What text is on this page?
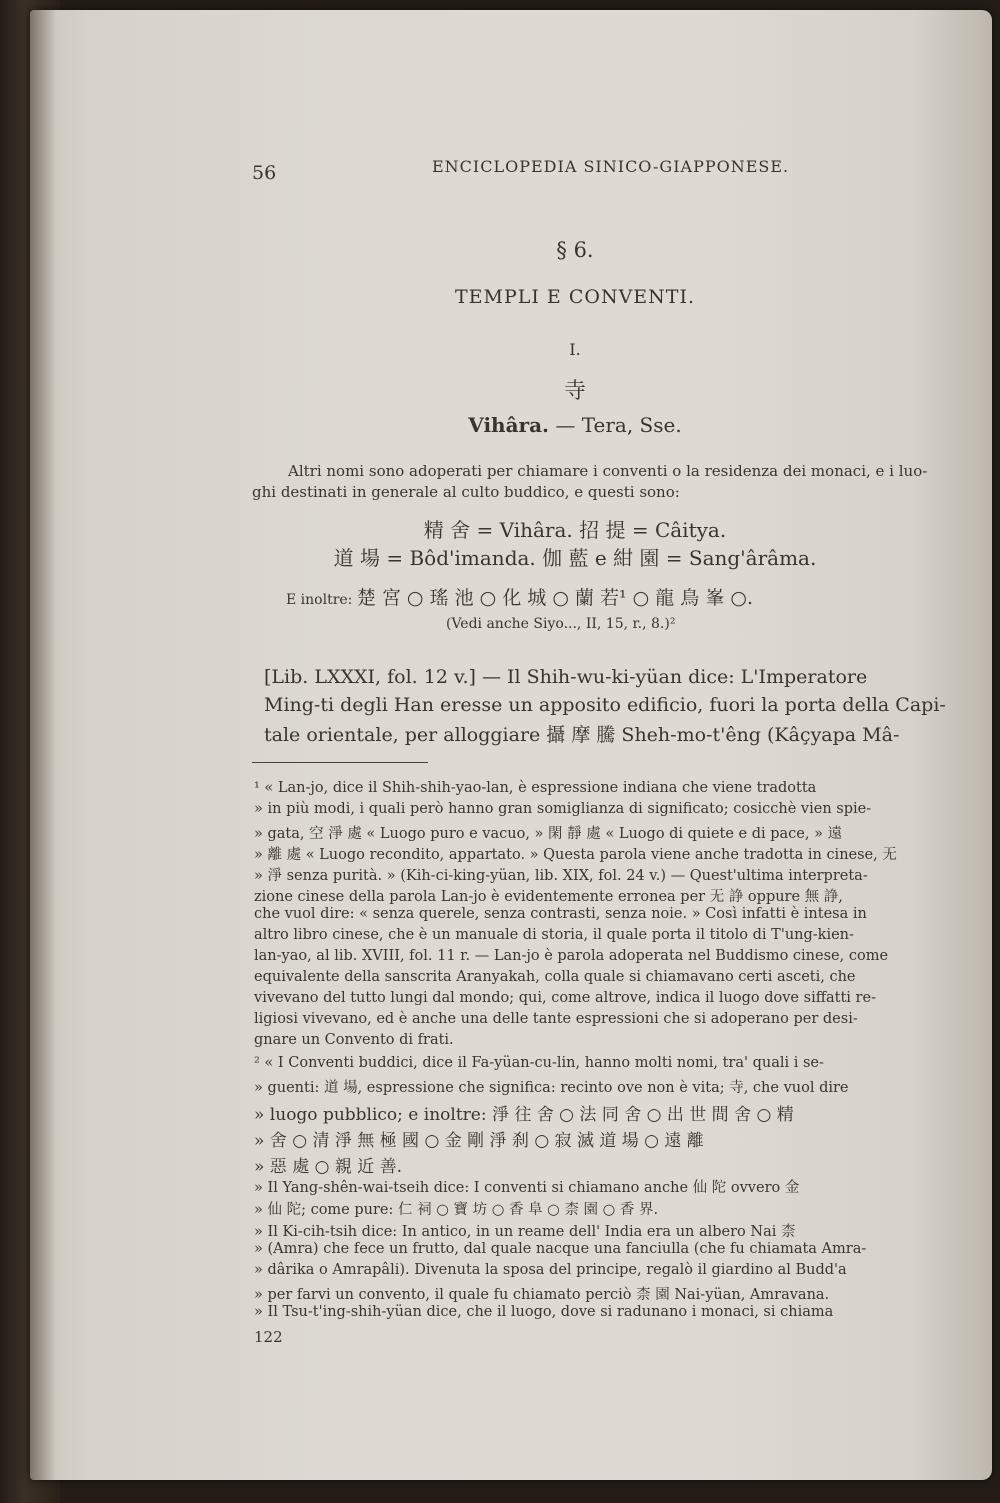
56	ENCICLOPEDIA SINICO-GIAPPONESE.
§ 6.
TEMPLI E CONVENTI.
I.
寺
Vihâra. — Tera, Sse.
Altri nomi sono adoperati per chiamare i conventi o la residenza dei monaci, e i luo-
ghi destinati in generale al culto buddico, e questi sono:
精 舍 = Vihâra. 招 提 = Câitya.
道 場 = Bôd'imanda. 伽 藍 e 紺 園 = Sang'ârâma.
E inoltre: 楚 宮 ○ 瑤 池 ○ 化 城 ○ 蘭 若¹ ○ 龍 鳥 峯 ○.
(Vedi anche Siyo..., II, 15, r., 8.)²
[Lib. LXXXI, fol. 12 v.] — Il Shih-wu-ki-yüan dice: L'Imperatore
Ming-ti degli Han eresse un apposito edificio, fuori la porta della Capi-
tale orientale, per alloggiare 攝 摩 騰 Sheh-mo-t'êng (Kâçyapa Mâ-
¹ « Lan-jo, dice il Shih-shih-yao-lan, è espressione indiana che viene tradotta
» in più modi, i quali però hanno gran somiglianza di significato; cosicchè vien spie-
» gata, 空 淨 處 « Luogo puro e vacuo, » 閑 靜 處 « Luogo di quiete e di pace, » 遠
» 離 處 « Luogo recondito, appartato. » Questa parola viene anche tradotta in cinese, 无
» 淨 senza purità. » (Kih-ci-king-yüan, lib. XIX, fol. 24 v.) — Quest'ultima interpreta-
zione cinese della parola Lan-jo è evidentemente erronea per 无 諍 oppure 無 諍,
che vuol dire: « senza querele, senza contrasti, senza noie. » Così infatti è intesa in
altro libro cinese, che è un manuale di storia, il quale porta il titolo di T'ung-kien-
lan-yao, al lib. XVIII, fol. 11 r. — Lan-jo è parola adoperata nel Buddismo cinese, come
equivalente della sanscrita Aranyakah, colla quale si chiamavano certi asceti, che
vivevano del tutto lungi dal mondo; qui, come altrove, indica il luogo dove siffatti re-
ligiosi vivevano, ed è anche una delle tante espressioni che si adoperano per desi-
gnare un Convento di frati.
² « I Conventi buddici, dice il Fa-yüan-cu-lin, hanno molti nomi, tra' quali i se-
» guenti: 道 場, espressione che significa: recinto ove non è vita; 寺, che vuol dire
» luogo pubblico; e inoltre: 淨 往 舍 ○ 法 同 舍 ○ 出 世 間 舍 ○ 精
» 舍 ○ 清 淨 無 極 國 ○ 金 剛 淨 刹 ○ 寂 滅 道 場 ○ 遠 離
» 惡 處 ○ 親 近 善.
» Il Yang-shên-wai-tseih dice: I conventi si chiamano anche 仙 陀 ovvero 金
» 仙 陀; come pure: 仁 祠 ○ 寶 坊 ○ 香 阜 ○ 柰 園 ○ 香 界.
» Il Ki-cih-tsih dice: In antico, in un reame dell' India era un albero Nai 柰
» (Amra) che fece un frutto, dal quale nacque una fanciulla (che fu chiamata Amra-
» dârika o Amrapâli). Divenuta la sposa del principe, regalò il giardino al Budd'a
» per farvi un convento, il quale fu chiamato perciò 柰 園 Nai-yüan, Amravana.
» Il Tsu-t'ing-shih-yüan dice, che il luogo, dove si radunano i monaci, si chiama
122
